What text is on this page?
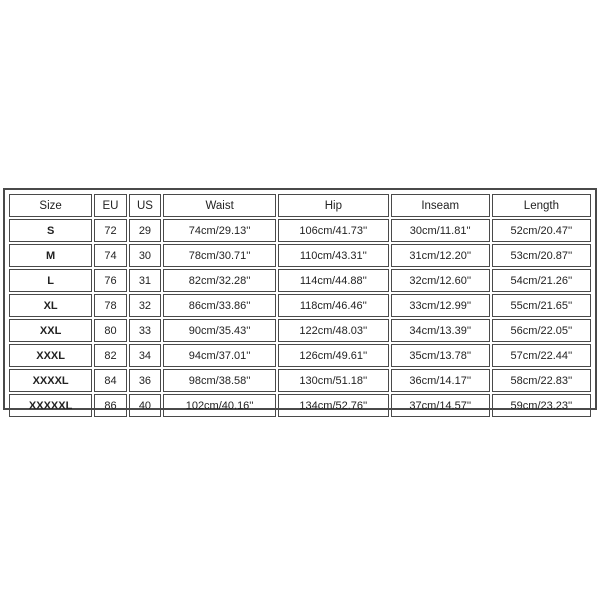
Size	EU	US	Waist	Hip	Inseam	Length
S	72	29	74cm/29.13''	106cm/41.73''	30cm/11.81''	52cm/20.47''
M	74	30	78cm/30.71''	110cm/43.31''	31cm/12.20''	53cm/20.87''
L	76	31	82cm/32.28''	114cm/44.88''	32cm/12.60''	54cm/21.26''
XL	78	32	86cm/33.86''	118cm/46.46''	33cm/12.99''	55cm/21.65''
XXL	80	33	90cm/35.43''	122cm/48.03''	34cm/13.39''	56cm/22.05''
XXXL	82	34	94cm/37.01''	126cm/49.61''	35cm/13.78''	57cm/22.44''
XXXXL	84	36	98cm/38.58''	130cm/51.18''	36cm/14.17''	58cm/22.83''
XXXXXL	86	40	102cm/40.16''	134cm/52.76''	37cm/14.57''	59cm/23.23''
